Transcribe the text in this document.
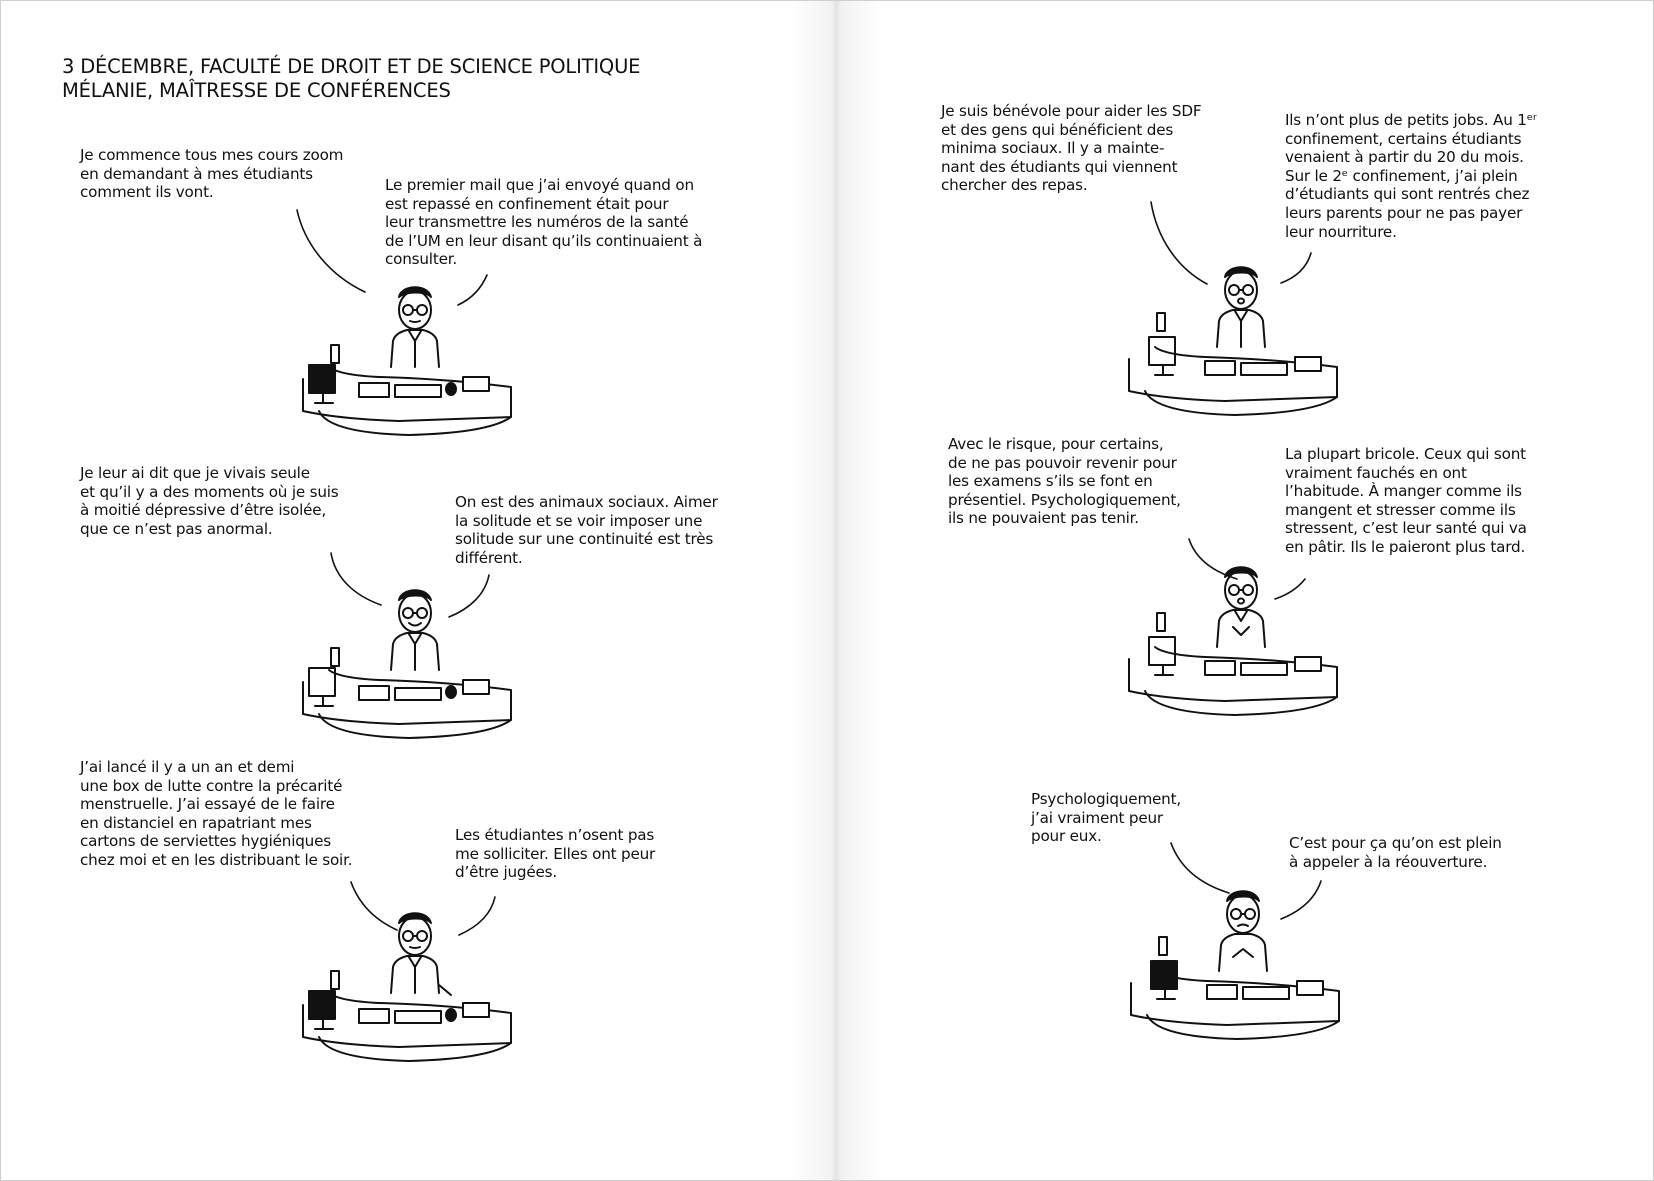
3 DÉCEMBRE, FACULTÉ DE DROIT ET DE SCIENCE POLITIQUE
MÉLANIE, MAÎTRESSE DE CONFÉRENCES
Je commence tous mes cours zoom
en demandant à mes étudiants
comment ils vont.	Le premier mail que j’ai envoyé quand on
est repassé en confinement était pour
leur transmettre les numéros de la santé
de l’UM en leur disant qu’ils continuaient à
consulter.
Je leur ai dit que je vivais seule
et qu’il y a des moments où je suis
à moitié dépressive d’être isolée,
que ce n’est pas anormal.
On est des animaux sociaux. Aimer
la solitude et se voir imposer une
solitude sur une continuité est très
différent.
J’ai lancé il y a un an et demi
une box de lutte contre la précarité
menstruelle. J’ai essayé de le faire
en distanciel en rapatriant mes
cartons de serviettes hygiéniques
chez moi et en les distribuant le soir.
Les étudiantes n’osent pas
me solliciter. Elles ont peur
d’être jugées.
Je suis bénévole pour aider les SDF
et des gens qui bénéficient des
minima sociaux. Il y a mainte-
nant des étudiants qui viennent
chercher des repas.
Ils n’ont plus de petits jobs. Au 1ᵉʳ
confinement, certains étudiants
venaient à partir du 20 du mois.
Sur le 2ᵉ confinement, j’ai plein
d’étudiants qui sont rentrés chez
leurs parents pour ne pas payer
leur nourriture.
Avec le risque, pour certains,
de ne pas pouvoir revenir pour
les examens s’ils se font en
présentiel. Psychologiquement,
ils ne pouvaient pas tenir.
La plupart bricole. Ceux qui sont
vraiment fauchés en ont
l’habitude. À manger comme ils
mangent et stresser comme ils
stressent, c’est leur santé qui va
en pâtir. Ils le paieront plus tard.
Psychologiquement,
j’ai vraiment peur
pour eux.	C’est pour ça qu’on est plein
à appeler à la réouverture.
